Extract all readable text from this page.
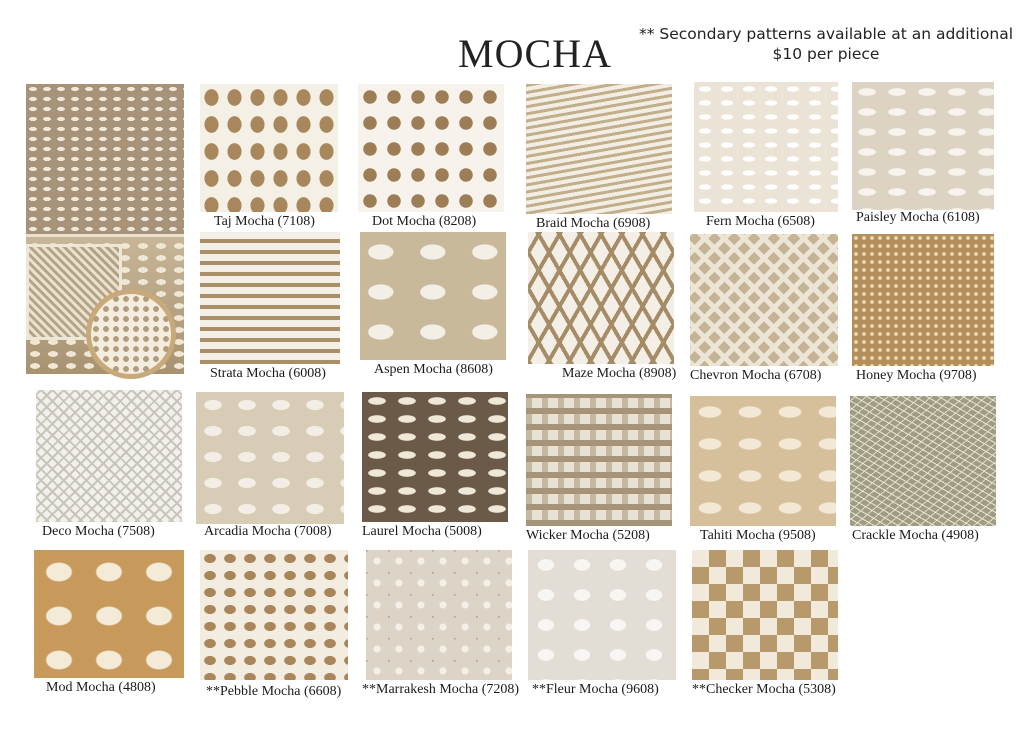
MOCHA	** Secondary patterns available at an additional $10 per piece
Taj Mocha (7108)	Dot Mocha (8208)	Braid Mocha (6908)	Fern Mocha (6508)	Paisley Mocha (6108)
Strata Mocha (6008)	Aspen Mocha (8608)	Maze Mocha (8908) Chevron Mocha (6708) Honey Mocha (9708)
Deco Mocha (7508)	Arcadia Mocha (7008) Laurel Mocha (5008)	Wicker Mocha (5208)	Tahiti Mocha (9508)	Crackle Mocha (4908)
Mod Mocha (4808)	**Pebble Mocha (6608) **Marrakesh Mocha (7208) **Fleur Mocha (9608) **Checker Mocha (5308)
